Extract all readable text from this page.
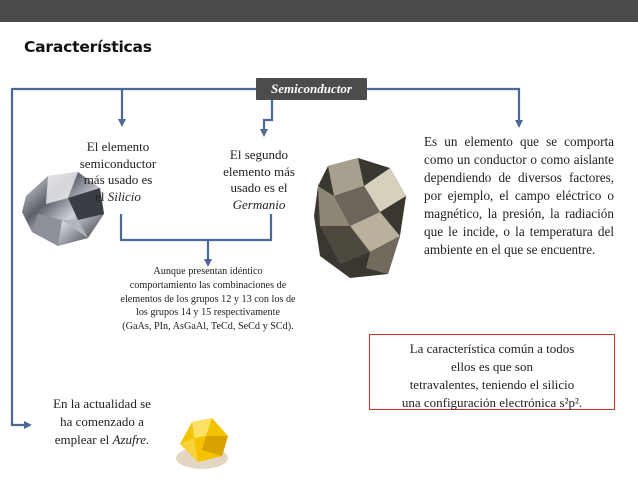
Características
Semiconductor
El elemento
semiconductor
más usado es
el Silicio
El segundo
elemento más
usado es el
Germanio
Es un elemento que se comporta como un conductor o como aislante dependiendo de diversos factores, por ejemplo, el campo eléctrico o magnético, la presión, la radiación que le incide, o la temperatura del ambiente en el que se encuentre.
Aunque presentan idéntico
comportamiento las combinaciones de
elementos de los grupos 12 y 13 con los de
los grupos 14 y 15 respectivamente
(GaAs, PIn, AsGaAl, TeCd, SeCd y SCd).
En la actualidad se
ha comenzado a
emplear el Azufre.
La característica común a todos
ellos es que son
tetravalentes, teniendo el silicio
una configuración electrónica s²p².
